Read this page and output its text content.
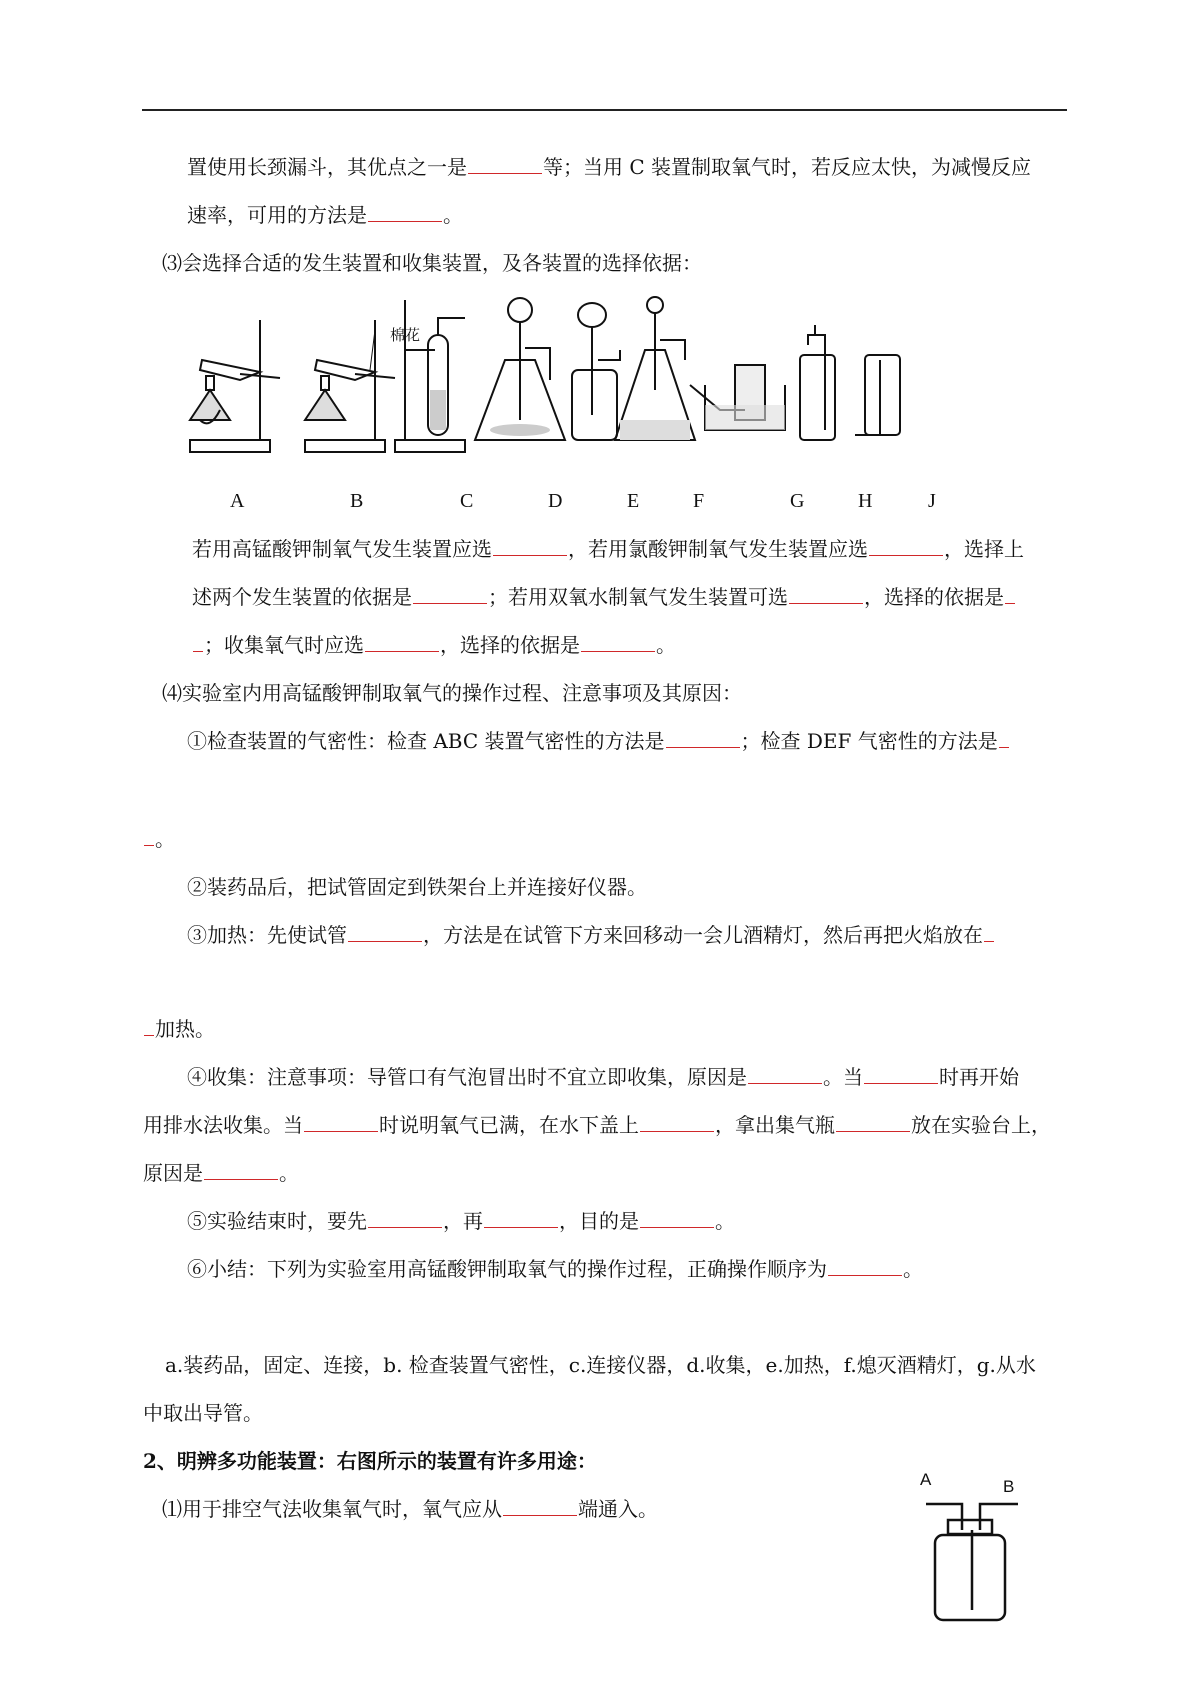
置使用长颈漏斗，其优点之一是	等；当用 C 装置制取氧气时，若反应太快，为减慢反应
速率，可用的方法是	。
⑶会选择合适的发生装置和收集装置，及各装置的选择依据：
棉花
A	B	C	D	E	F	G	H	J
若用高锰酸钾制氧气发生装置应选	，若用氯酸钾制氧气发生装置应选	，选择上
述两个发生装置的依据是	；若用双氧水制氧气发生装置可选	，选择的依据是
；收集氧气时应选	，选择的依据是	。
⑷实验室内用高锰酸钾制取氧气的操作过程、注意事项及其原因：
①检查装置的气密性：检查 ABC 装置气密性的方法是	；检查 DEF 气密性的方法是
。
②装药品后，把试管固定到铁架台上并连接好仪器。
③加热：先使试管	，方法是在试管下方来回移动一会儿酒精灯，然后再把火焰放在
加热。
④收集：注意事项：导管口有气泡冒出时不宜立即收集，原因是	。当	时再开始
用排水法收集。当	时说明氧气已满，在水下盖上	，拿出集气瓶	放在实验台上，
原因是	。
⑤实验结束时，要先	，再	，目的是	。
⑥小结：下列为实验室用高锰酸钾制取氧气的操作过程，正确操作顺序为	。
a.装药品，固定、连接，b. 检查装置气密性，c.连接仪器，d.收集，e.加热，f.熄灭酒精灯，g.从水
中取出导管。
2、明辨多功能装置：右图所示的装置有许多用途：
⑴用于排空气法收集氧气时，氧气应从	端通入。
A	B
